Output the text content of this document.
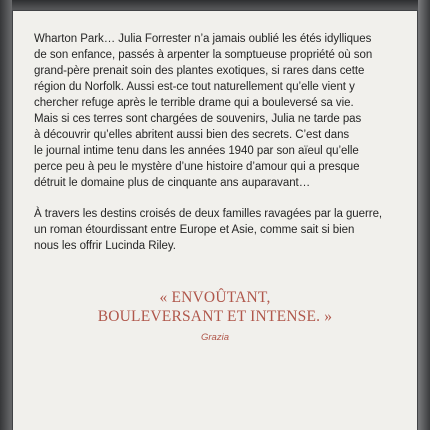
Wharton Park… Julia Forrester n’a jamais oublié les étés idylliques
de son enfance, passés à arpenter la somptueuse propriété où son
grand-père prenait soin des plantes exotiques, si rares dans cette
région du Norfolk. Aussi est-ce tout naturellement qu’elle vient y
chercher refuge après le terrible drame qui a bouleversé sa vie.
Mais si ces terres sont chargées de souvenirs, Julia ne tarde pas
à découvrir qu’elles abritent aussi bien des secrets. C’est dans
le journal intime tenu dans les années 1940 par son aïeul qu’elle
perce peu à peu le mystère d’une histoire d’amour qui a presque
détruit le domaine plus de cinquante ans auparavant…

À travers les destins croisés de deux familles ravagées par la guerre,
un roman étourdissant entre Europe et Asie, comme sait si bien
nous les offrir Lucinda Riley.

« ENVOÛTANT,
BOULEVERSANT ET INTENSE. »
Grazia
